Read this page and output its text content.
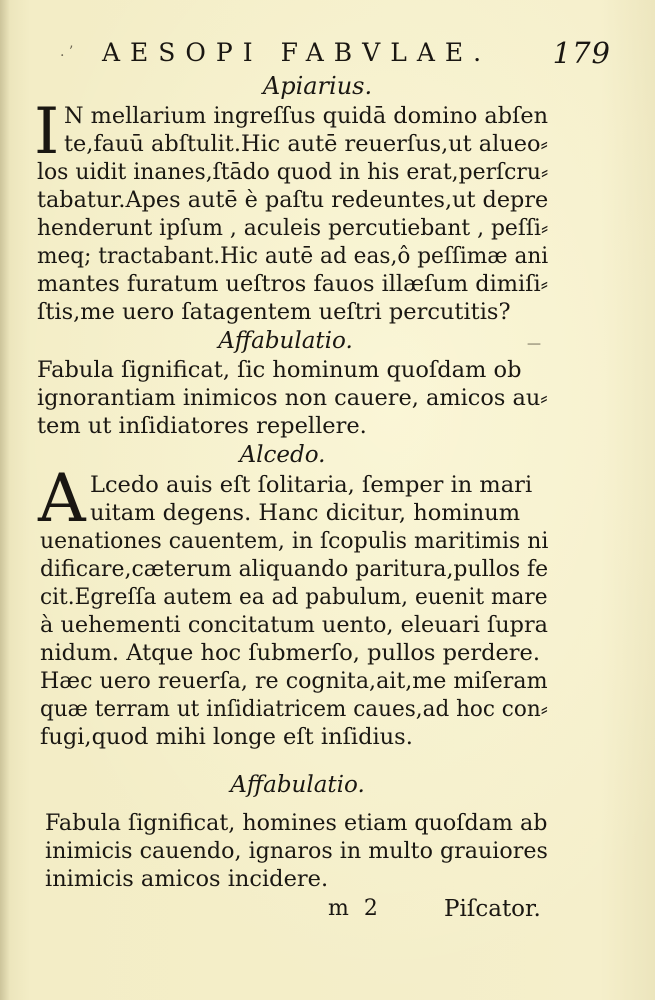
. ’ AESOPI FABVLAE. 179
Apiarius.
I N mellarium ingreſſus quidā domino abſen
te,fauū abſtulit.Hic autē reuerſus,ut alueo⸗
los uidit inanes,ſtādo quod in his erat,perſcru⸗
tabatur.Apes autē è paſtu redeuntes,ut depre
henderunt ipſum , aculeis percutiebant , peſſi⸗
meq; tractabant.Hic autē ad eas,ô peſſimæ ani
mantes furatum ueſtros fauos illæſum dimiſi⸗
ſtis,me uero ſatagentem ueſtri percutitis?
Affabulatio.	—
Fabula ſignificat, ſic hominum quoſdam ob
ignorantiam inimicos non cauere, amicos au⸗
tem ut inſidiatores repellere.
Alcedo.
A Lcedo auis eſt ſolitaria, ſemper in mari
uitam degens. Hanc dicitur, hominum
uenationes cauentem, in ſcopulis maritimis ni
dificare,cæterum aliquando paritura,pullos fe
cit.Egreſſa autem ea ad pabulum, euenit mare
à uehementi concitatum uento, eleuari ſupra
nidum. Atque hoc ſubmerſo, pullos perdere.
Hæc uero reuerſa, re cognita,ait,me miſeram
quæ terram ut inſidiatricem caues,ad hoc con⸗
fugi,quod mihi longe eſt inſidius.
Affabulatio.
Fabula ſignificat, homines etiam quoſdam ab
inimicis cauendo, ignaros in multo grauiores
inimicis amicos incidere.
m 2	Piſcator.
